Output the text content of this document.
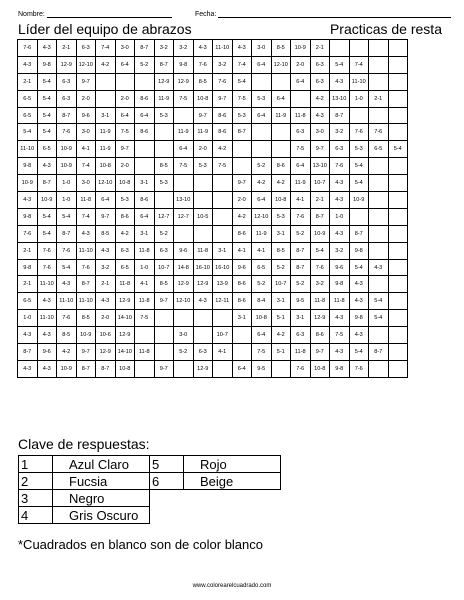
Nombre:	Fecha:
Líder del equipo de abrazos	Practicas de resta
7-6	4-3	2-1	6-3	7-4	3-0	8-7	3-2	3-2	4-3	11-10	4-3	3-0	8-5	10-9	2-1				
4-3	9-8	12-9	12-10	4-2	6-4	5-2	8-7	9-8	7-6	3-2	7-4	6-4	12-10	2-0	6-3	5-4	7-4		
2-1	5-4	6-3	9-7				12-9	12-9	8-5	7-6	5-4			6-4	6-3	4-3	11-10		
6-5	5-4	6-3	2-0		2-0	8-6	11-9	7-5	10-8	9-7	7-5	5-3	6-4		4-2	13-10	1-0	2-1	
6-5	5-4	8-7	9-6	3-1	6-4	6-4	5-3		9-7	8-6	5-3	6-4	11-9	11-8	4-3	8-7			
5-4	5-4	7-6	3-0	11-9	7-5	8-6		11-9	11-9	8-6	8-7			6-3	3-0	3-2	7-6	7-6	
11-10	6-5	10-9	4-1	11-9	9-7			6-4	2-0	4-2				7-5	9-7	6-3	5-3	6-5	5-4
9-8	4-3	10-9	7-4	10-8	2-0		8-5	7-5	5-3	7-5		5-2	8-6	6-4	13-10	7-6	5-4		
10-9	8-7	1-0	3-0	12-10	10-8	3-1	5-3				9-7	4-2	4-2	11-9	10-7	4-3	5-4		
4-3	10-9	1-0	11-8	6-4	5-3	8-6		13-10			2-0	6-4	10-8	4-1	2-1	4-3	10-9		
9-8	5-4	5-4	7-4	9-7	8-6	6-4	12-7	12-7	10-5		4-2	12-10	5-3	7-6	8-7	1-0			
7-6	5-4	8-7	4-3	8-5	4-2	3-1	5-2				8-6	11-9	3-1	5-2	10-9	4-3	8-7		
2-1	7-6	7-6	11-10	4-3	6-3	11-8	6-3	9-6	11-8	3-1	4-1	4-1	8-5	8-7	5-4	3-2	9-8		
9-8	7-6	5-4	7-6	3-2	6-5	1-0	10-7	14-8	16-10	16-10	9-6	6-5	5-2	8-7	7-6	9-6	5-4	4-3	
2-1	11-10	4-3	8-7	2-1	11-8	4-1	8-5	12-9	12-9	13-9	8-6	5-2	10-7	5-2	3-2	9-8	4-3		
6-5	4-3	11-10	11-10	4-3	12-9	11-8	9-7	12-10	4-3	12-11	8-6	8-4	3-1	9-5	11-8	11-8	4-3	5-4	
1-0	11-10	7-6	8-5	2-0	14-10	7-5					3-1	10-8	5-1	3-1	12-9	4-3	9-8	5-4	
4-3	4-3	8-5	10-9	10-6	12-9			3-0		10-7		6-4	4-2	6-3	8-6	7-5	4-3		
8-7	9-6	4-2	9-7	12-9	14-10	11-8		5-2	6-3	4-1		7-5	5-1	11-8	9-7	4-3	5-4	8-7	
4-3	4-3	10-9	8-7	8-7	10-8		9-7		12-9		6-4	9-5		7-6	10-8	9-8	7-6		
Clave de respuestas:
1	Azul Claro	5	Rojo
2	Fucsia	6	Beige
3	Negro		
4	Gris Oscuro		
*Cuadrados en blanco son de color blanco
www.colorearelcuadrado.com
